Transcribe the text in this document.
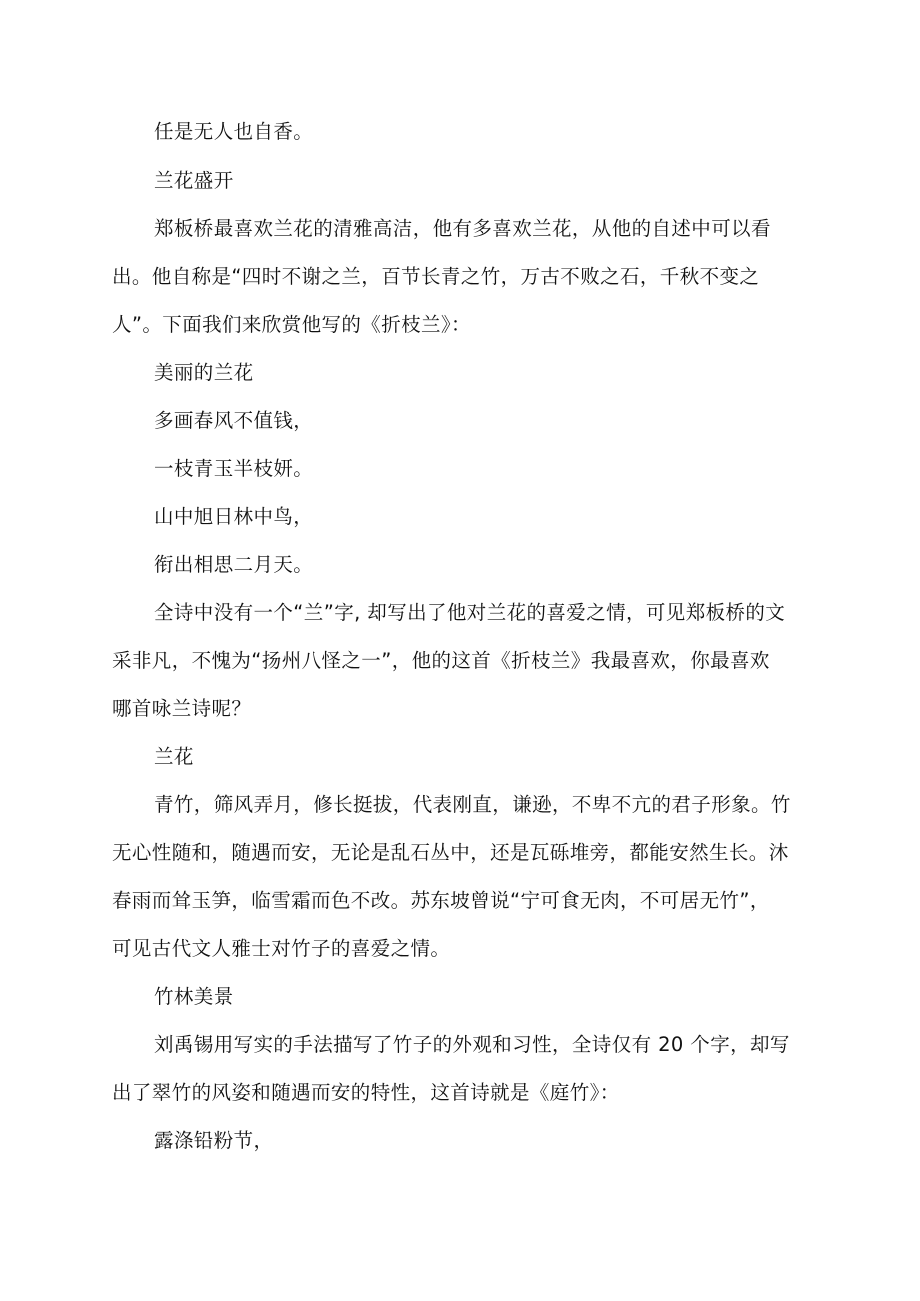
任是无人也自香。
兰花盛开
郑板桥最喜欢兰花的清雅高洁，他有多喜欢兰花，从他的自述中可以看
出。他自称是“四时不谢之兰，百节长青之竹，万古不败之石，千秋不变之
人”。下面我们来欣赏他写的《折枝兰》：
美丽的兰花
多画春风不值钱，
一枝青玉半枝妍。
山中旭日林中鸟，
衔出相思二月天。
全诗中没有一个“兰”字, 却写出了他对兰花的喜爱之情，可见郑板桥的文
采非凡，不愧为“扬州八怪之一”，他的这首《折枝兰》我最喜欢，你最喜欢
哪首咏兰诗呢？
兰花
青竹，筛风弄月，修长挺拔，代表刚直，谦逊，不卑不亢的君子形象。竹
无心性随和，随遇而安，无论是乱石丛中，还是瓦砾堆旁，都能安然生长。沐
春雨而耸玉笋，临雪霜而色不改。苏东坡曾说“宁可食无肉，不可居无竹”，
可见古代文人雅士对竹子的喜爱之情。
竹林美景
刘禹锡用写实的手法描写了竹子的外观和习性，全诗仅有 20 个字，却写
出了翠竹的风姿和随遇而安的特性，这首诗就是《庭竹》：
露涤铅粉节，
